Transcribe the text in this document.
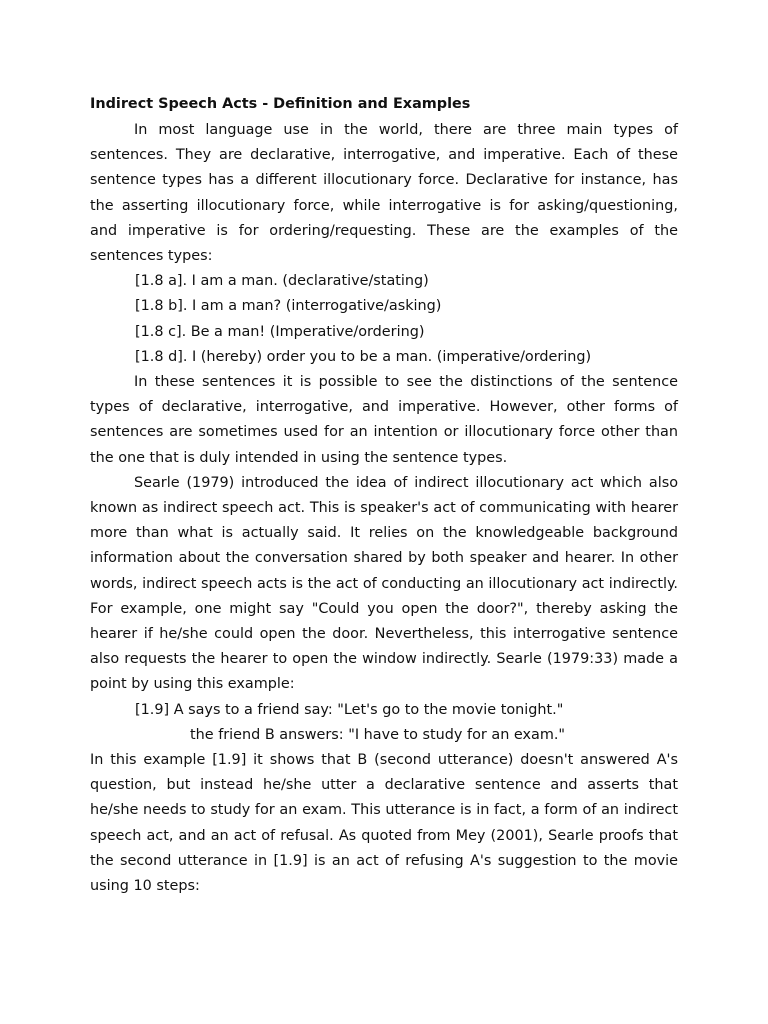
Indirect Speech Acts - Definition and Examples

In most language use in the world, there are three main types of sentences. They are declarative, interrogative, and imperative. Each of these sentence types has a different illocutionary force. Declarative for instance, has the asserting illocutionary force, while interrogative is for asking/questioning, and imperative is for ordering/requesting. These are the examples of the sentences types:

[1.8 a]. I am a man. (declarative/stating)

[1.8 b]. I am a man? (interrogative/asking)

[1.8 c]. Be a man! (Imperative/ordering)

[1.8 d]. I (hereby) order you to be a man. (imperative/ordering)

In these sentences it is possible to see the distinctions of the sentence types of declarative, interrogative, and imperative. However, other forms of sentences are sometimes used for an intention or illocutionary force other than the one that is duly intended in using the sentence types.

Searle (1979) introduced the idea of indirect illocutionary act which also known as indirect speech act. This is speaker's act of communicating with hearer more than what is actually said. It relies on the knowledgeable background information about the conversation shared by both speaker and hearer. In other words, indirect speech acts is the act of conducting an illocutionary act indirectly. For example, one might say "Could you open the door?", thereby asking the hearer if he/she could open the door. Nevertheless, this interrogative sentence also requests the hearer to open the window indirectly. Searle (1979:33) made a point by using this example:

[1.9] A says to a friend say: "Let's go to the movie tonight."

the friend B answers: "I have to study for an exam."

In this example [1.9] it shows that B (second utterance) doesn't answered A's question, but instead he/she utter a declarative sentence and asserts that he/she needs to study for an exam. This utterance is in fact, a form of an indirect speech act, and an act of refusal. As quoted from Mey (2001), Searle proofs that the second utterance in [1.9] is an act of refusing A's suggestion to the movie using 10 steps:
